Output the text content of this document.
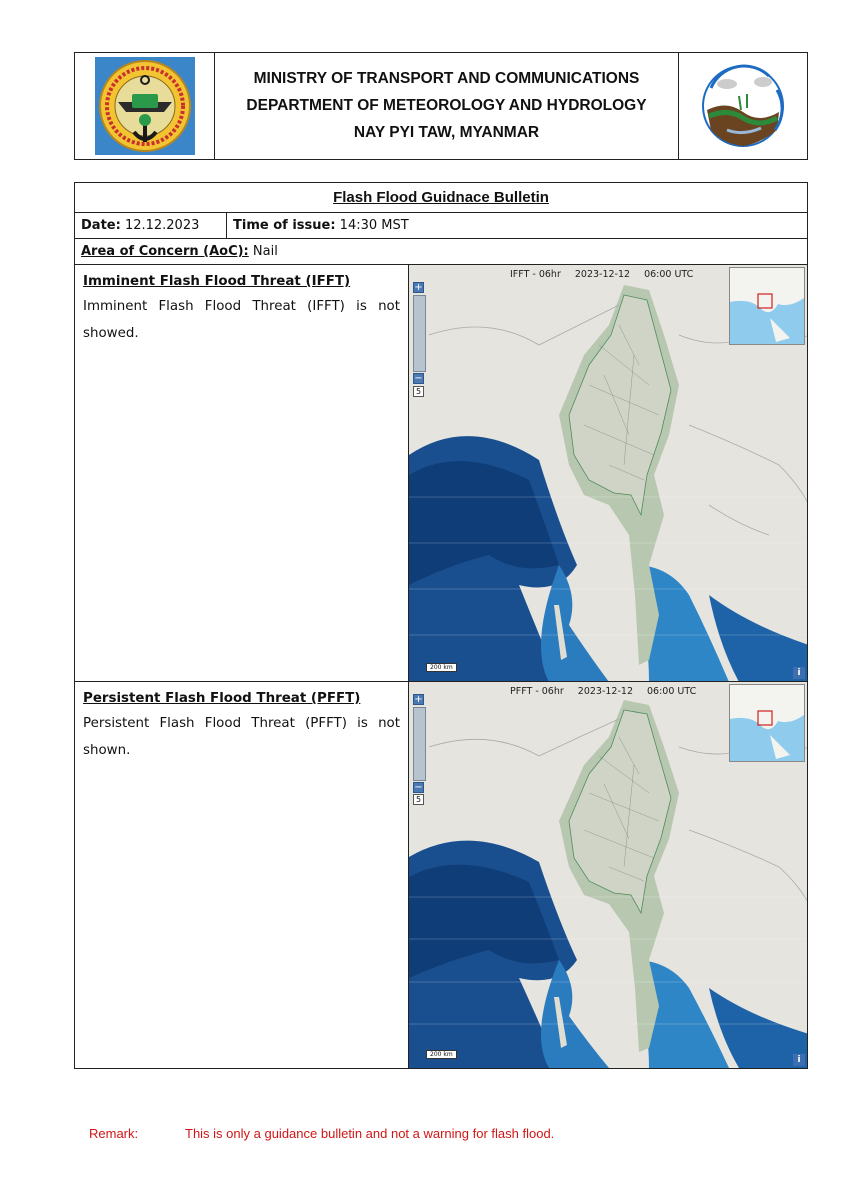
MINISTRY OF TRANSPORT AND COMMUNICATIONS
DEPARTMENT OF METEOROLOGY AND HYDROLOGY
NAY PYI TAW, MYANMAR
Flash Flood Guidnace Bulletin
Date: 12.12.2023	Time of issue: 14:30 MST
Area of Concern (AoC): Nail
Imminent Flash Flood Threat (IFFT)

Imminent Flash Flood Threat (IFFT) is not showed.

IFFT - 06hr 2023-12-12 06:00 UTC
+
−
5
200 km
i
Persistent Flash Flood Threat (PFFT)

Persistent Flash Flood Threat (PFFT) is not shown.

PFFT - 06hr 2023-12-12 06:00 UTC
+
−
5
200 km
i
Remark:	This is only a guidance bulletin and not a warning for flash flood.
